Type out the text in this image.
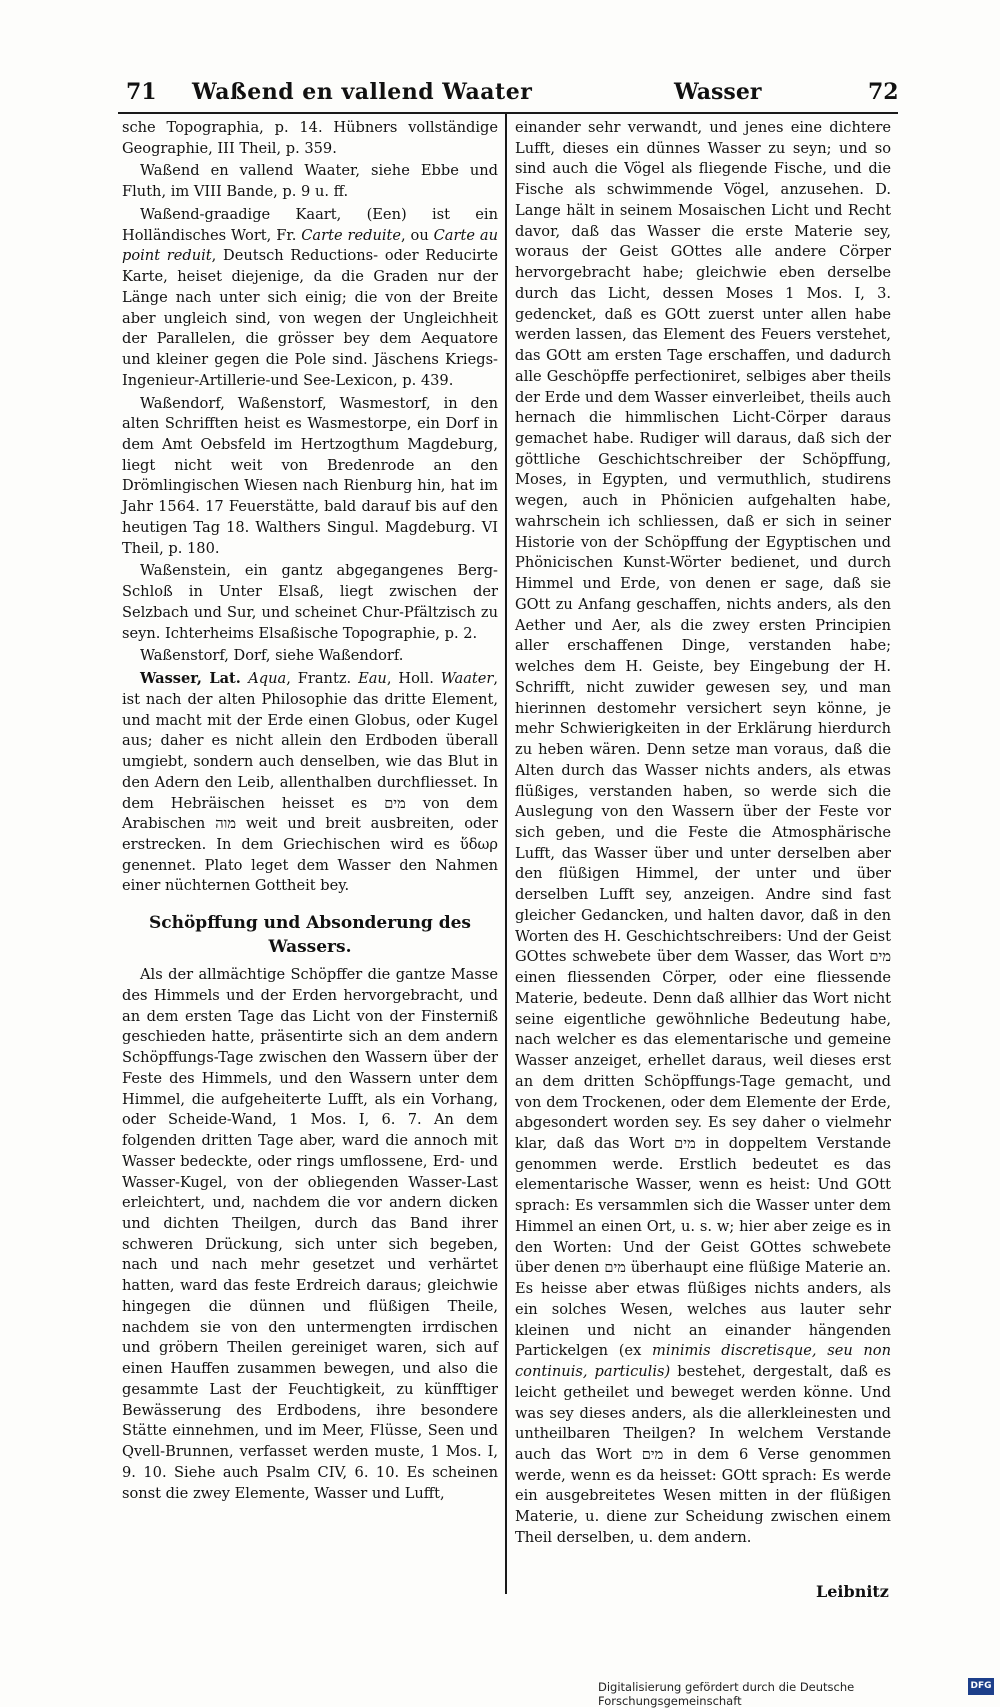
71 Waßend en vallend Waater	Wasser	72

sche Topographia, p. 14. Hübners vollständige Geographie, III Theil, p. 359.

Waßend en vallend Waater, siehe Ebbe und Fluth, im VIII Bande, p. 9 u. ff.

Waßend-graadige Kaart, (Een) ist ein Holländisches Wort, Fr. Carte reduite, ou Carte au point reduit, Deutsch Reductions- oder Reducirte Karte, heiset diejenige, da die Graden nur der Länge nach unter sich einig; die von der Breite aber ungleich sind, von wegen der Ungleichheit der Parallelen, die grösser bey dem Aequatore und kleiner gegen die Pole sind. Jäschens Kriegs- Ingenieur-Artillerie-und See-Lexicon, p. 439.

Waßendorf, Waßenstorf, Wasmestorf, in den alten Schrifften heist es Wasmestorpe, ein Dorf in dem Amt Oebsfeld im Hertzogthum Magdeburg, liegt nicht weit von Bredenrode an den Drömlingischen Wiesen nach Rienburg hin, hat im Jahr 1564. 17 Feuerstätte, bald darauf bis auf den heutigen Tag 18. Walthers Singul. Magdeburg. VI Theil, p. 180.

Waßenstein, ein gantz abgegangenes Berg-Schloß in Unter Elsaß, liegt zwischen der Selzbach und Sur, und scheinet Chur-Pfältzisch zu seyn. Ichterheims Elsaßische Topographie, p. 2.

Waßenstorf, Dorf, siehe Waßendorf.

Wasser, Lat. Aqua, Frantz. Eau, Holl. Waater, ist nach der alten Philosophie das dritte Element, und macht mit der Erde einen Globus, oder Kugel aus; daher es nicht allein den Erdboden überall umgiebt, sondern auch denselben, wie das Blut in den Adern den Leib, allenthalben durchfliesset. In dem Hebräischen heisset es מים von dem Arabischen מוה weit und breit ausbreiten, oder erstrecken. In dem Griechischen wird es ὕδωρ genennet. Plato leget dem Wasser den Nahmen einer nüchternen Gottheit bey.

Schöpffung und Absonderung des Wassers.

Als der allmächtige Schöpffer die gantze Masse des Himmels und der Erden hervorgebracht, und an dem ersten Tage das Licht von der Finsterniß geschieden hatte, präsentirte sich an dem andern Schöpffungs-Tage zwischen den Wassern über der Feste des Himmels, und den Wassern unter dem Himmel, die aufgeheiterte Lufft, als ein Vorhang, oder Scheide-Wand, 1 Mos. I, 6. 7. An dem folgenden dritten Tage aber, ward die annoch mit Wasser bedeckte, oder rings umflossene, Erd- und Wasser-Kugel, von der obliegenden Wasser-Last erleichtert, und, nachdem die vor andern dicken und dichten Theilgen, durch das Band ihrer schweren Drückung, sich unter sich begeben, nach und nach mehr gesetzet und verhärtet hatten, ward das feste Erdreich daraus; gleichwie hingegen die dünnen und flüßigen Theile, nachdem sie von den untermengten irrdischen und gröbern Theilen gereiniget waren, sich auf einen Hauffen zusammen bewegen, und also die gesammte Last der Feuchtigkeit, zu künfftiger Bewässerung des Erdbodens, ihre besondere Stätte einnehmen, und im Meer, Flüsse, Seen und Qvell-Brunnen, verfasset werden muste, 1 Mos. I, 9. 10. Siehe auch Psalm CIV, 6. 10. Es scheinen sonst die zwey Elemente, Wasser und Lufft,

einander sehr verwandt, und jenes eine dichtere Lufft, dieses ein dünnes Wasser zu seyn; und so sind auch die Vögel als fliegende Fische, und die Fische als schwimmende Vögel, anzusehen. D. Lange hält in seinem Mosaischen Licht und Recht davor, daß das Wasser die erste Materie sey, woraus der Geist GOttes alle andere Cörper hervorgebracht habe; gleichwie eben derselbe durch das Licht, dessen Moses 1 Mos. I, 3. gedencket, daß es GOtt zuerst unter allen habe werden lassen, das Element des Feuers verstehet, das GOtt am ersten Tage erschaffen, und dadurch alle Geschöpffe perfectioniret, selbiges aber theils der Erde und dem Wasser einverleibet, theils auch hernach die himmlischen Licht-Cörper daraus gemachet habe. Rudiger will daraus, daß sich der göttliche Geschichtschreiber der Schöpffung, Moses, in Egypten, und vermuthlich, studirens wegen, auch in Phönicien aufgehalten habe, wahrschein ich schliessen, daß er sich in seiner Historie von der Schöpffung der Egyptischen und Phönicischen Kunst-Wörter bedienet, und durch Himmel und Erde, von denen er sage, daß sie GOtt zu Anfang geschaffen, nichts anders, als den Aether und Aer, als die zwey ersten Principien aller erschaffenen Dinge, verstanden habe; welches dem H. Geiste, bey Eingebung der H. Schrifft, nicht zuwider gewesen sey, und man hierinnen destomehr versichert seyn könne, je mehr Schwierigkeiten in der Erklärung hierdurch zu heben wären. Denn setze man voraus, daß die Alten durch das Wasser nichts anders, als etwas flüßiges, verstanden haben, so werde sich die Auslegung von den Wassern über der Feste vor sich geben, und die Feste die Atmosphärische Lufft, das Wasser über und unter derselben aber den flüßigen Himmel, der unter und über derselben Lufft sey, anzeigen. Andre sind fast gleicher Gedancken, und halten davor, daß in den Worten des H. Geschichtschreibers: Und der Geist GOttes schwebete über dem Wasser, das Wort מים einen fliessenden Cörper, oder eine fliessende Materie, bedeute. Denn daß allhier das Wort nicht seine eigentliche gewöhnliche Bedeutung habe, nach welcher es das elementarische und gemeine Wasser anzeiget, erhellet daraus, weil dieses erst an dem dritten Schöpffungs-Tage gemacht, und von dem Trockenen, oder dem Elemente der Erde, abgesondert worden sey. Es sey daher o vielmehr klar, daß das Wort מים in doppeltem Verstande genommen werde. Erstlich bedeutet es das elementarische Wasser, wenn es heist: Und GOtt sprach: Es versammlen sich die Wasser unter dem Himmel an einen Ort, u. s. w; hier aber zeige es in den Worten: Und der Geist GOttes schwebete über denen מים überhaupt eine flüßige Materie an. Es heisse aber etwas flüßiges nichts anders, als ein solches Wesen, welches aus lauter sehr kleinen und nicht an einander hängenden Partickelgen (ex minimis discretisque, seu non continuis, particulis) bestehet, dergestalt, daß es leicht getheilet und beweget werden könne. Und was sey dieses anders, als die allerkleinesten und untheilbaren Theilgen? In welchem Verstande auch das Wort מים in dem 6 Verse genommen werde, wenn es da heisset: GOtt sprach: Es werde ein ausgebreitetes Wesen mitten in der flüßigen Materie, u. diene zur Scheidung zwischen einem Theil derselben, u. dem andern.

Leibnitz
Digitalisierung gefördert durch die Deutsche Forschungsgemeinschaft
DFG
